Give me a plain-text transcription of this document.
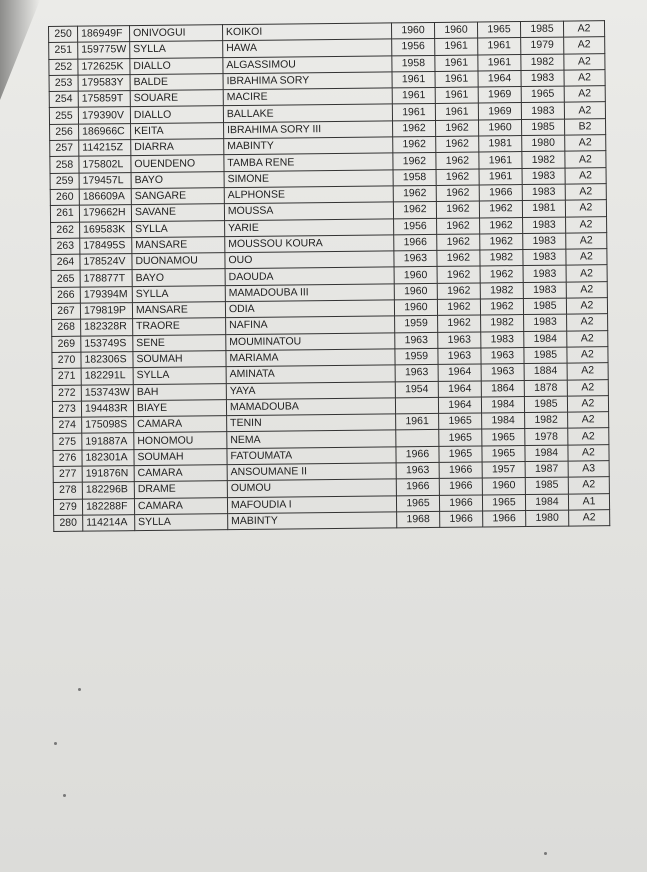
250	186949F	ONIVOGUI	KOIKOI	1960	1960	1965	1985	A2
251	159775W	SYLLA	HAWA	1956	1961	1961	1979	A2
252	172625K	DIALLO	ALGASSIMOU	1958	1961	1961	1982	A2
253	179583Y	BALDE	IBRAHIMA SORY	1961	1961	1964	1983	A2
254	175859T	SOUARE	MACIRE	1961	1961	1969	1965	A2
255	179390V	DIALLO	BALLAKE	1961	1961	1969	1983	A2
256	186966C	KEITA	IBRAHIMA SORY III	1962	1962	1960	1985	B2
257	114215Z	DIARRA	MABINTY	1962	1962	1981	1980	A2
258	175802L	OUENDENO	TAMBA RENE	1962	1962	1961	1982	A2
259	179457L	BAYO	SIMONE	1958	1962	1961	1983	A2
260	186609A	SANGARE	ALPHONSE	1962	1962	1966	1983	A2
261	179662H	SAVANE	MOUSSA	1962	1962	1962	1981	A2
262	169583K	SYLLA	YARIE	1956	1962	1962	1983	A2
263	178495S	MANSARE	MOUSSOU KOURA	1966	1962	1962	1983	A2
264	178524V	DUONAMOU	OUO	1963	1962	1982	1983	A2
265	178877T	BAYO	DAOUDA	1960	1962	1962	1983	A2
266	179394M	SYLLA	MAMADOUBA III	1960	1962	1982	1983	A2
267	179819P	MANSARE	ODIA	1960	1962	1962	1985	A2
268	182328R	TRAORE	NAFINA	1959	1962	1982	1983	A2
269	153749S	SENE	MOUMINATOU	1963	1963	1983	1984	A2
270	182306S	SOUMAH	MARIAMA	1959	1963	1963	1985	A2
271	182291L	SYLLA	AMINATA	1963	1964	1963	1884	A2
272	153743W	BAH	YAYA	1954	1964	1864	1878	A2
273	194483R	BIAYE	MAMADOUBA		1964	1984	1985	A2
274	175098S	CAMARA	TENIN	1961	1965	1984	1982	A2
275	191887A	HONOMOU	NEMA		1965	1965	1978	A2
276	182301A	SOUMAH	FATOUMATA	1966	1965	1965	1984	A2
277	191876N	CAMARA	ANSOUMANE II	1963	1966	1957	1987	A3
278	182296B	DRAME	OUMOU	1966	1966	1960	1985	A2
279	182288F	CAMARA	MAFOUDIA I	1965	1966	1965	1984	A1
280	114214A	SYLLA	MABINTY	1968	1966	1966	1980	A2
